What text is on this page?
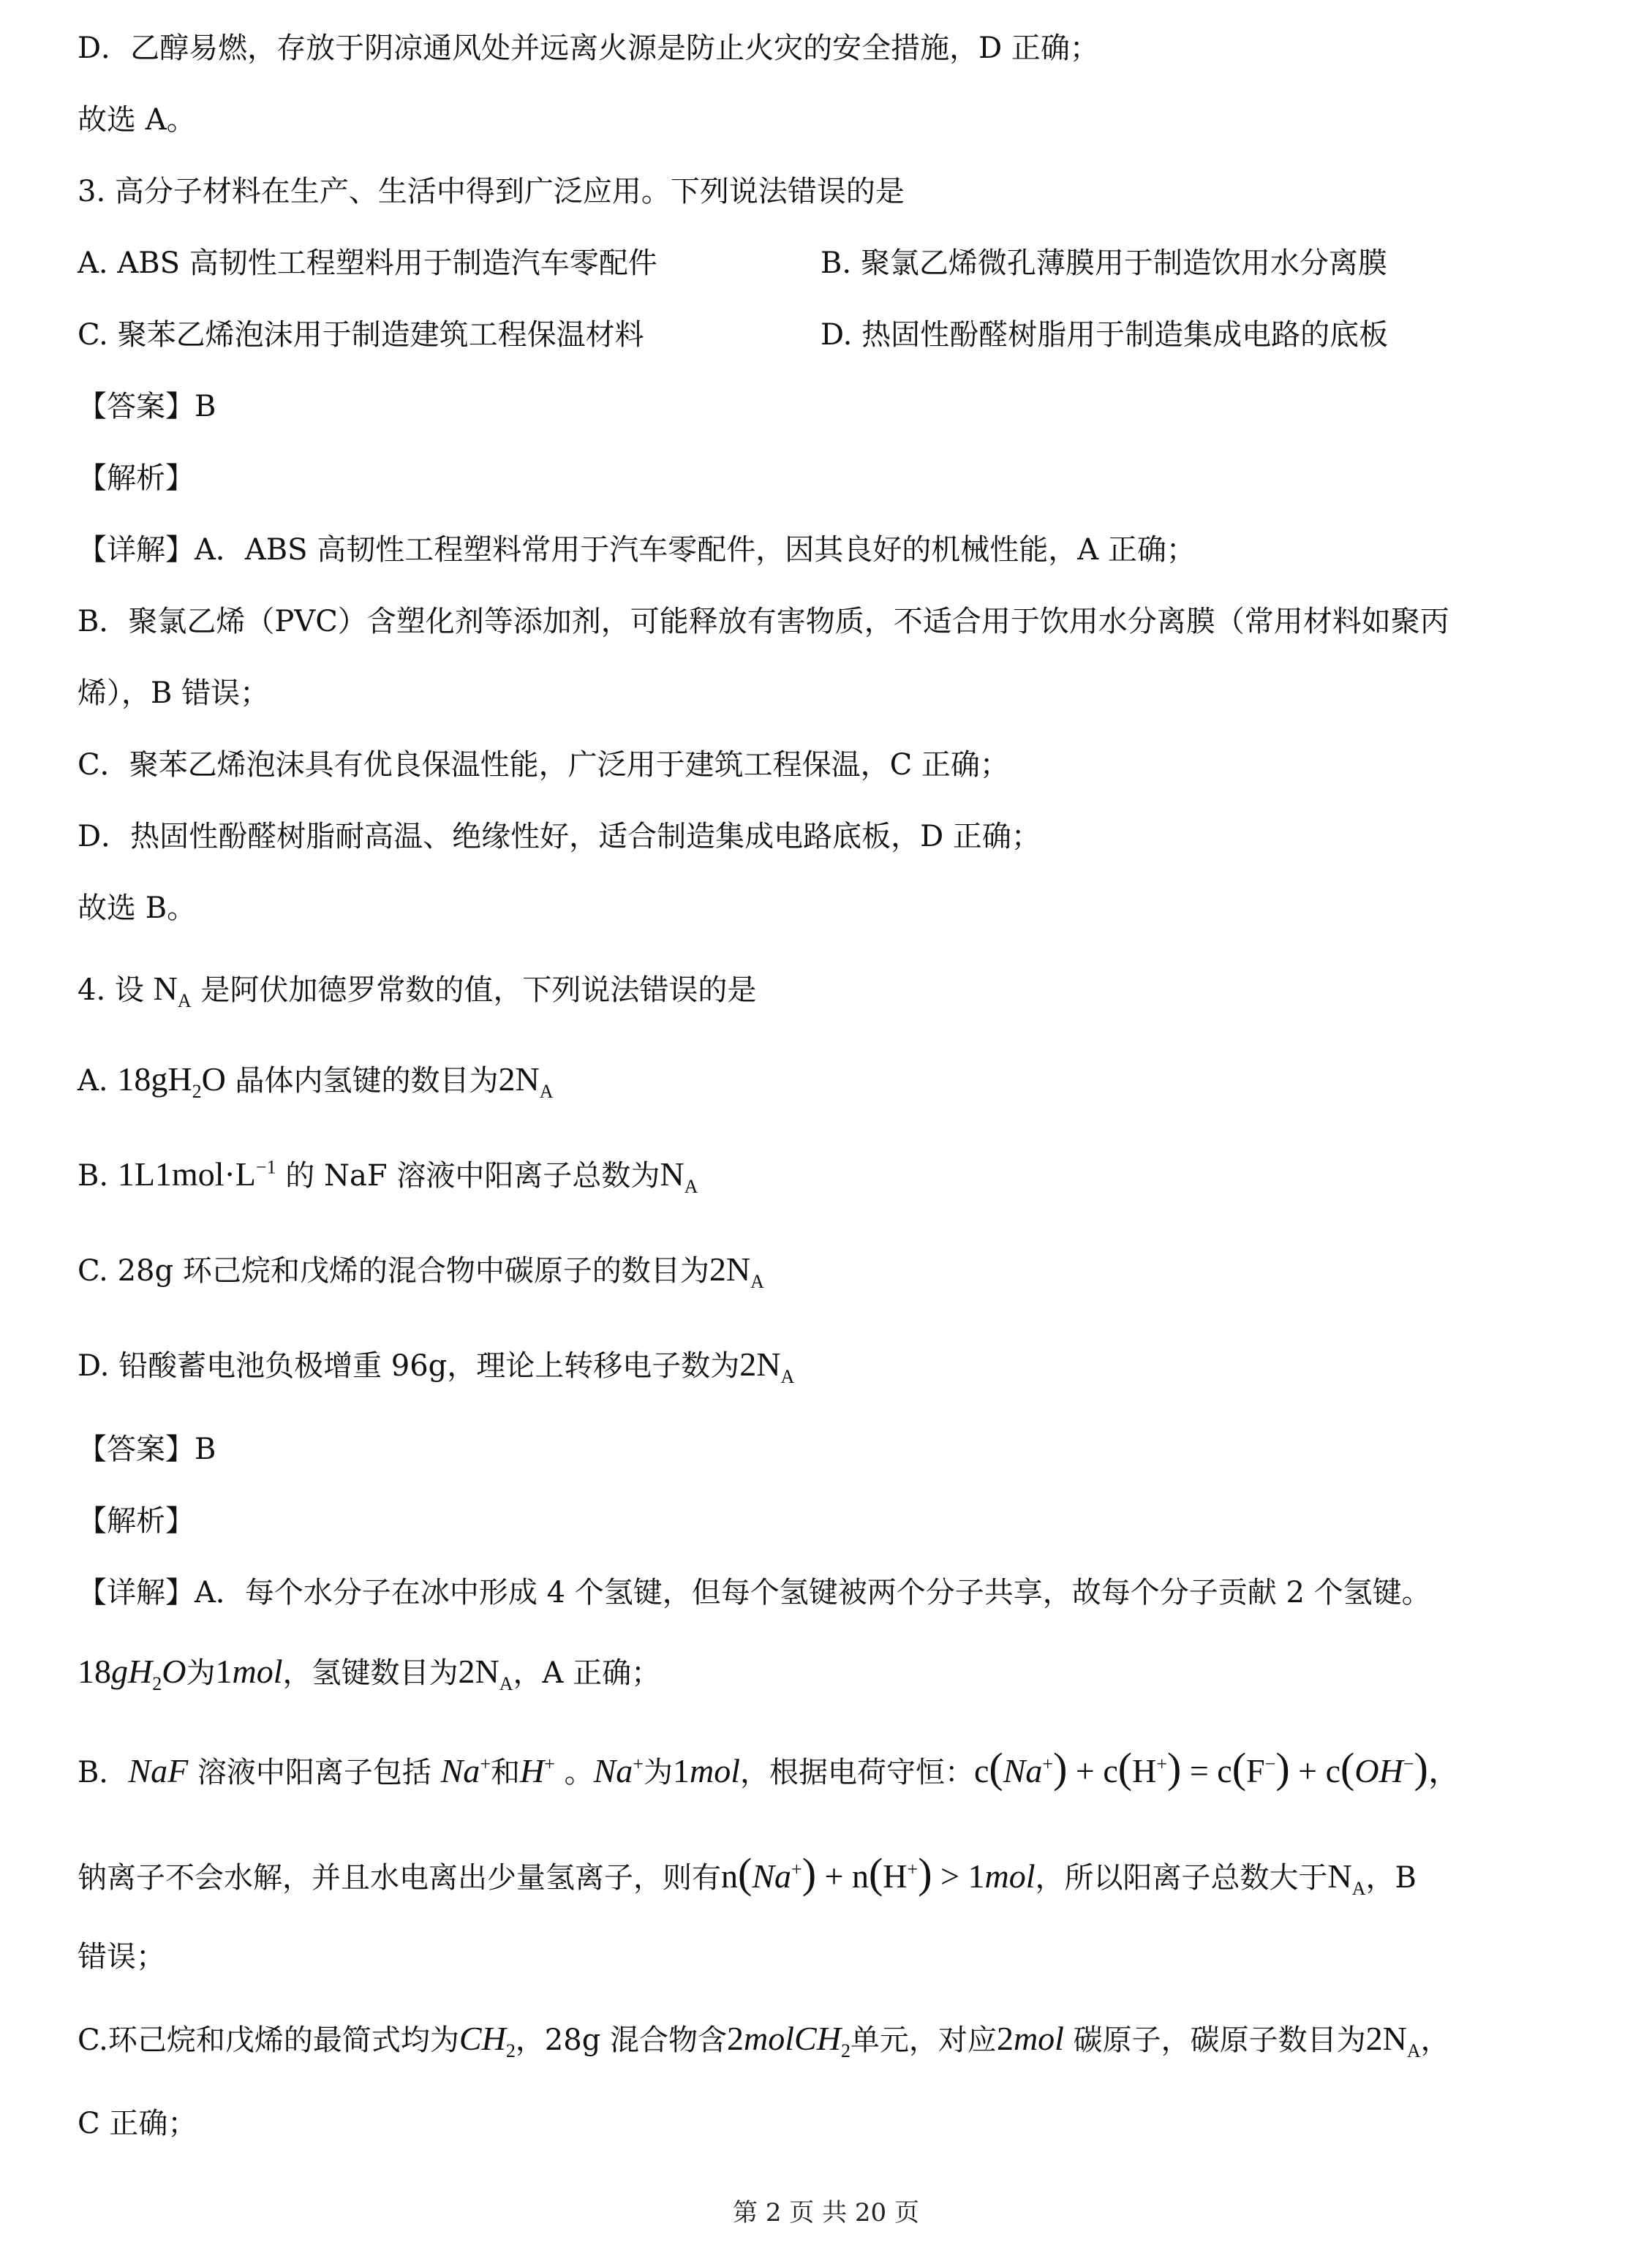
D．乙醇易燃，存放于阴凉通风处并远离火源是防止火灾的安全措施，D 正确；
故选 A。
3. 高分子材料在生产、生活中得到广泛应用。下列说法错误的是
A. ABS 高韧性工程塑料用于制造汽车零配件	B. 聚氯乙烯微孔薄膜用于制造饮用水分离膜
C. 聚苯乙烯泡沫用于制造建筑工程保温材料	D. 热固性酚醛树脂用于制造集成电路的底板
【答案】B
【解析】
【详解】A．ABS 高韧性工程塑料常用于汽车零配件，因其良好的机械性能，A 正确；
B．聚氯乙烯（PVC）含塑化剂等添加剂，可能释放有害物质，不适合用于饮用水分离膜（常用材料如聚丙
烯），B 错误；
C．聚苯乙烯泡沫具有优良保温性能，广泛用于建筑工程保温，C 正确；
D．热固性酚醛树脂耐高温、绝缘性好，适合制造集成电路底板，D 正确；
故选 B。
4. 设 $N_A$ 是阿伏加德罗常数的值，下列说法错误的是
A. $18gH_2O$ 晶体内氢键的数目为$2N_A$
B. $1L1mol\cdot L^{-1}$ 的 NaF 溶液中阳离子总数为$N_A$
C. 28g 环己烷和戊烯的混合物中碳原子的数目为$2N_A$
D. 铅酸蓄电池负极增重 96g，理论上转移电子数为$2N_A$
【答案】B
【解析】
【详解】A．每个水分子在冰中形成 4 个氢键，但每个氢键被两个分子共享，故每个分子贡献 2 个氢键。
$18gH_2O$为1mol，氢键数目为$2N_A$，A 正确；
B．NaF 溶液中阳离子包括 Na+和H+ 。Na+为1mol，根据电荷守恒：c(Na+) + c(H+) = c(F−) + c(OH−)，
钠离子不会水解，并且水电离出少量氢离子，则有n(Na+) + n(H+) > 1mol，所以阳离子总数大于$N_A$，B
错误；
C.环己烷和戊烯的最简式均为$CH_2$，28g 混合物含2molCH$_2$单元，对应2mol 碳原子，碳原子数目为$2N_A$，
C 正确；
第 2 页 共 20 页
